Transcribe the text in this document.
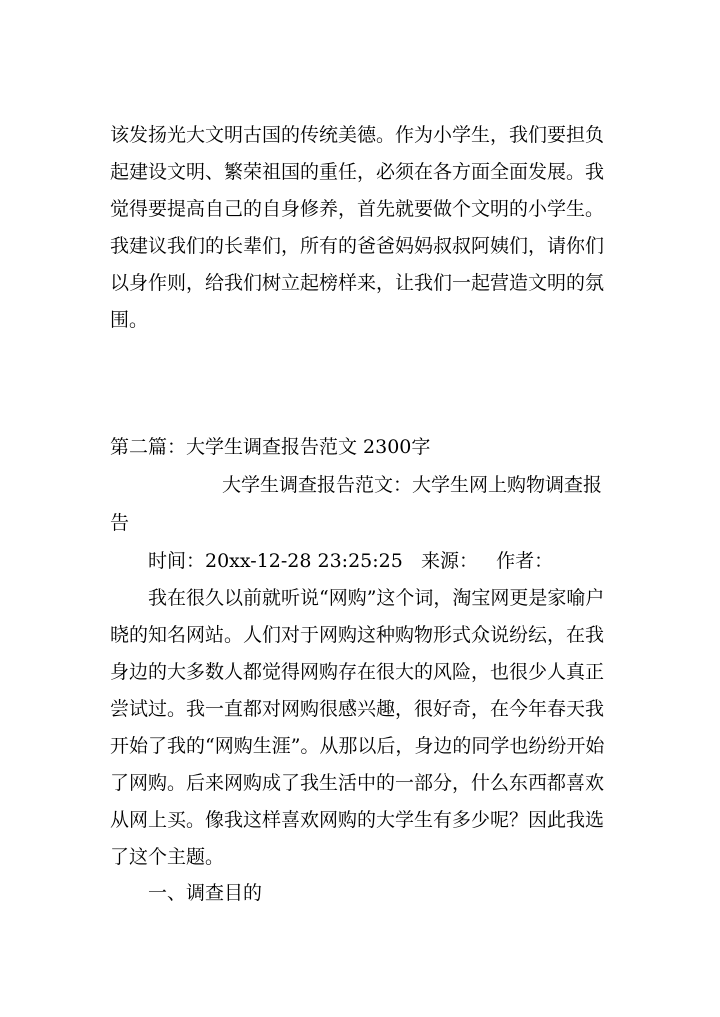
该发扬光大文明古国的传统美德。作为小学生，我们要担负起建设文明、繁荣祖国的重任，必须在各方面全面发展。我觉得要提高自己的自身修养，首先就要做个文明的小学生。我建议我们的长辈们，所有的爸爸妈妈叔叔阿姨们，请你们以身作则，给我们树立起榜样来，让我们一起营造文明的氛围。

第二篇：大学生调查报告范文 2300字

大学生调查报告范文：大学生网上购物调查报

告

时间：20xx-12-28 23:25:25   来源：   作者：

我在很久以前就听说“网购”这个词，淘宝网更是家喻户晓的知名网站。人们对于网购这种购物形式众说纷纭，在我身边的大多数人都觉得网购存在很大的风险，也很少人真正尝试过。我一直都对网购很感兴趣，很好奇，在今年春天我开始了我的“网购生涯”。从那以后，身边的同学也纷纷开始了网购。后来网购成了我生活中的一部分，什么东西都喜欢从网上买。像我这样喜欢网购的大学生有多少呢？因此我选了这个主题。

一、调查目的
